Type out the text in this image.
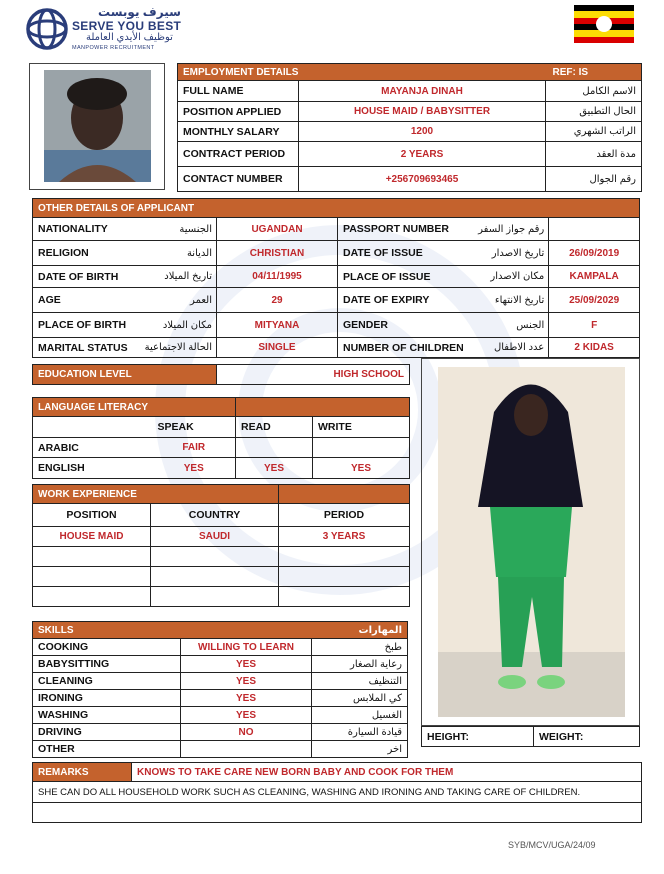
سيرف يوبست
SERVE YOU BEST
توظيف الأيدي العاملة
MANPOWER RECRUITMENT
EMPLOYMENT DETAILS REF: IS		

FULL NAME	MAYANJA DINAH	الاسم الكامل
POSITION APPLIED	HOUSE MAID / BABYSITTER	الحال التطبيق
MONTHLY SALARY	1200	الراتب الشهري
CONTRACT PERIOD	2 YEARS	مدة العقد
CONTACT NUMBER	+256709693465	رقم الجوال
OTHER DETAILS OF APPLICANT					
NATIONALITY	الجنسية	UGANDAN	PASSPORT NUMBER	رقم جواز السفر	
RELIGION	الديانة	CHRISTIAN	DATE OF ISSUE	تاريخ الاصدار	26/09/2019
DATE OF BIRTH	تاريخ الميلاد	04/11/1995	PLACE OF ISSUE	مكان الاصدار	KAMPALA
AGE	العمر	29	DATE OF EXPIRY	تاريخ الانتهاء	25/09/2029
PLACE OF BIRTH	مكان الميلاد	MITYANA	GENDER	الجنس	F
MARITAL STATUS	الحالة الاجتماعية	SINGLE	NUMBER OF CHILDREN	عدد الاطفال	2 KIDAS
EDUCATION LEVEL	HIGH SCHOOL
LANGUAGE LITERACY			
	SPEAK	READ	WRITE
ARABIC	FAIR		
ENGLISH	YES	YES	YES
WORK EXPERIENCE		
POSITION	COUNTRY	PERIOD
HOUSE MAID	SAUDI	3 YEARS

SKILLS		المهارات
COOKING	WILLING TO LEARN	طبخ
BABYSITTING	YES	رعاية الصغار
CLEANING	YES	التنظيف
IRONING	YES	كي الملابس
WASHING	YES	الغسيل
DRIVING	NO	قيادة السيارة
OTHER		اخر
HEIGHT:	WEIGHT:
REMARKS	KNOWS TO TAKE CARE NEW BORN BABY AND COOK FOR THEM
SHE CAN DO ALL HOUSEHOLD WORK SUCH AS CLEANING, WASHING AND IRONING AND TAKING CARE OF CHILDREN.

SYB/MCV/UGA/24/09
